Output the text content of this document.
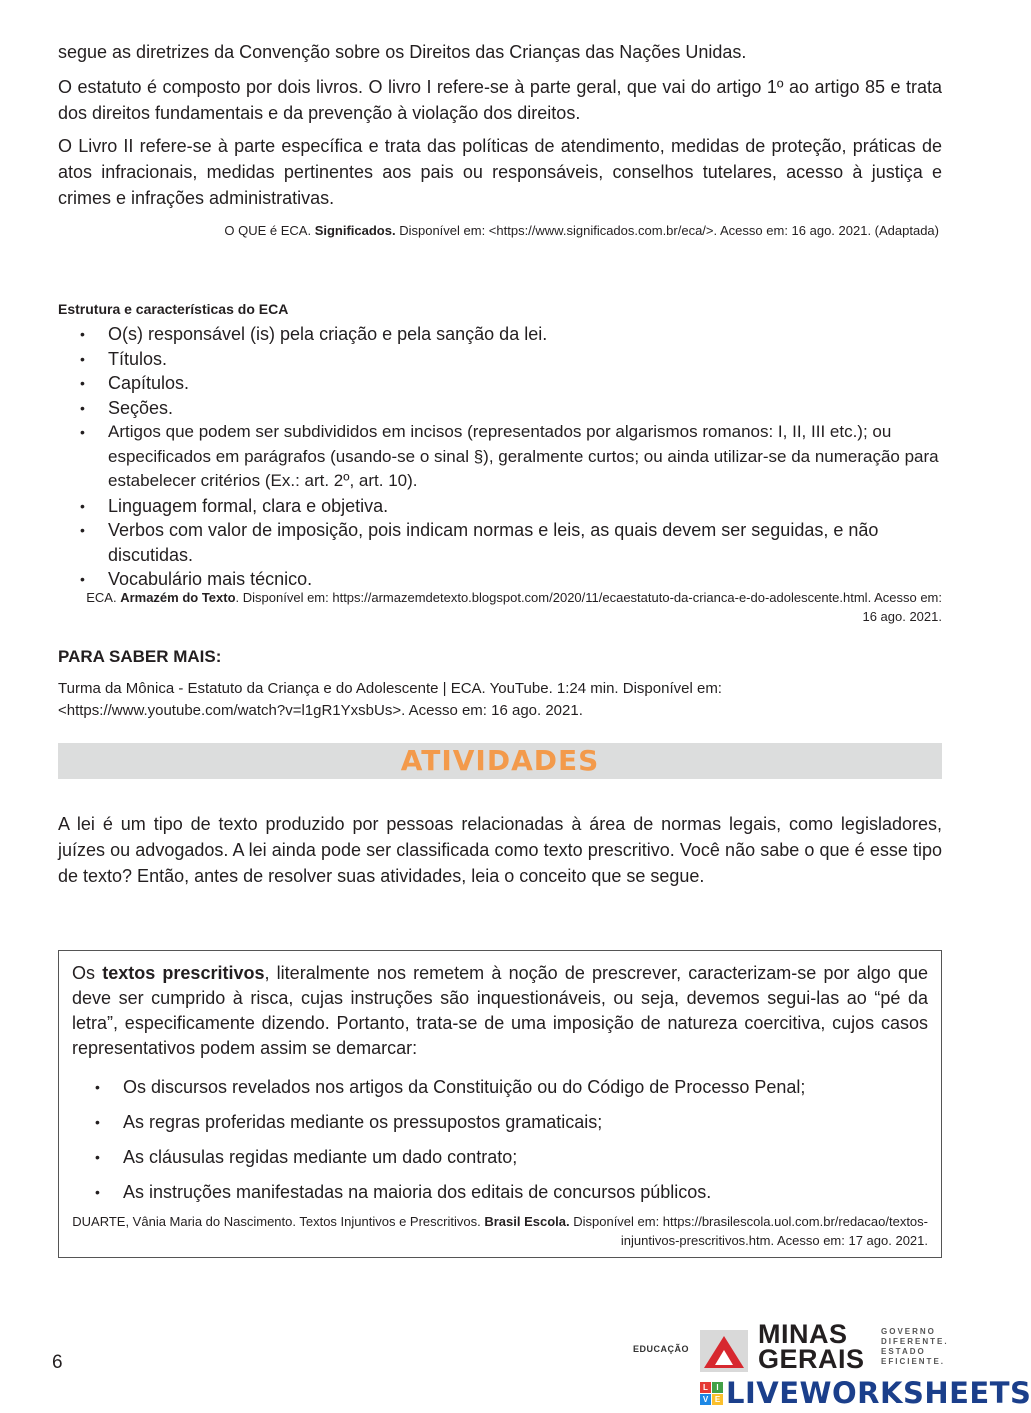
segue as diretrizes da Convenção sobre os Direitos das Crianças das Nações Unidas.

O estatuto é composto por dois livros. O livro I refere-se à parte geral, que vai do artigo 1º ao artigo 85 e trata dos direitos fundamentais e da prevenção à violação dos direitos.

O Livro II refere-se à parte específica e trata das políticas de atendimento, medidas de proteção, práticas de atos infracionais, medidas pertinentes aos pais ou responsáveis, conselhos tutelares, acesso à justiça e crimes e infrações administrativas.

O QUE é ECA. Significados. Disponível em: <https://www.significados.com.br/eca/>. Acesso em: 16 ago. 2021. (Adaptada)

Estrutura e características do ECA

• O(s) responsável (is) pela criação e pela sanção da lei.
• Títulos.
• Capítulos.
• Seções.
• Artigos que podem ser subdivididos em incisos (representados por algarismos romanos: I, II, III etc.); ou especificados em parágrafos (usando-se o sinal §), geralmente curtos; ou ainda utilizar-se da numeração para estabelecer critérios (Ex.: art. 2º, art. 10).
• Linguagem formal, clara e objetiva.
• Verbos com valor de imposição, pois indicam normas e leis, as quais devem ser seguidas, e não discutidas.
• Vocabulário mais técnico.

ECA. Armazém do Texto. Disponível em: https://armazemdetexto.blogspot.com/2020/11/ecaestatuto-da-crianca-e-do-adolescente.html. Acesso em: 16 ago. 2021.

PARA SABER MAIS:

Turma da Mônica - Estatuto da Criança e do Adolescente | ECA. YouTube. 1:24 min. Disponível em: <https://www.youtube.com/watch?v=l1gR1YxsbUs>. Acesso em: 16 ago. 2021.

ATIVIDADES

A lei é um tipo de texto produzido por pessoas relacionadas à área de normas legais, como legisladores, juízes ou advogados. A lei ainda pode ser classificada como texto prescritivo. Você não sabe o que é esse tipo de texto? Então, antes de resolver suas atividades, leia o conceito que se segue.

Os textos prescritivos, literalmente nos remetem à noção de prescrever, caracterizam-se por algo que deve ser cumprido à risca, cujas instruções são inquestionáveis, ou seja, devemos segui-las ao “pé da letra”, especificamente dizendo. Portanto, trata-se de uma imposição de natureza coercitiva, cujos casos representativos podem assim se demarcar:

• Os discursos revelados nos artigos da Constituição ou do Código de Processo Penal;
• As regras proferidas mediante os pressupostos gramaticais;
• As cláusulas regidas mediante um dado contrato;
• As instruções manifestadas na maioria dos editais de concursos públicos.

DUARTE, Vânia Maria do Nascimento. Textos Injuntivos e Prescritivos. Brasil Escola. Disponível em: https://brasilescola.uol.com.br/redacao/textos-injuntivos-prescritivos.htm. Acesso em: 17 ago. 2021.

6
EDUCAÇÃO	MINAS
GERAIS
GOVERNO
DIFERENTE.
ESTADO
EFICIENTE.
L	I
V E LIVEWORKSHEETS
